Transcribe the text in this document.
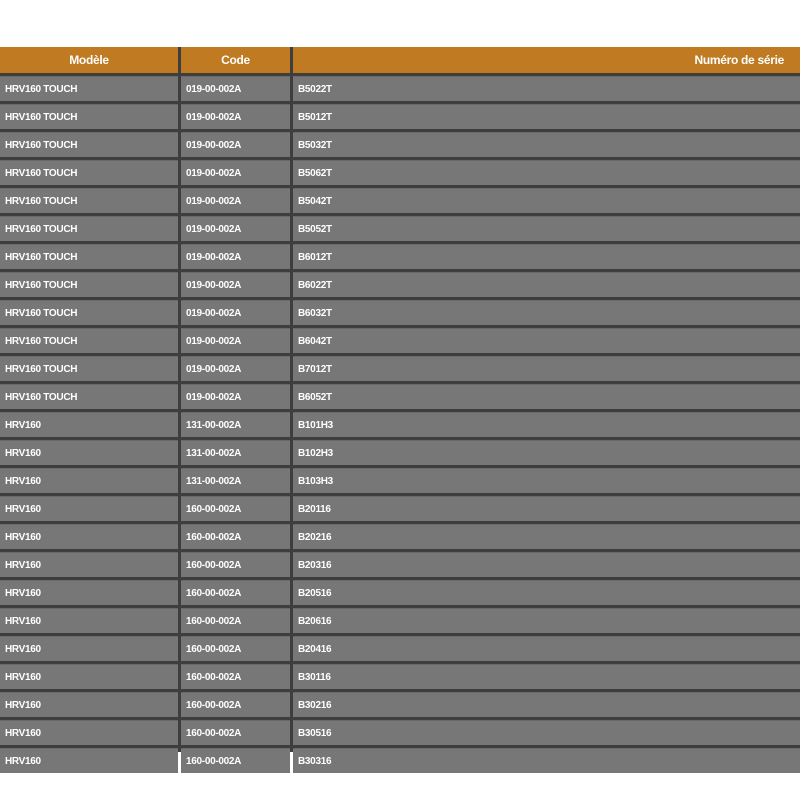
Modèle	Code	Numéro de série
HRV160 TOUCH	019-00-002A	B5022T
HRV160 TOUCH	019-00-002A	B5012T
HRV160 TOUCH	019-00-002A	B5032T
HRV160 TOUCH	019-00-002A	B5062T
HRV160 TOUCH	019-00-002A	B5042T
HRV160 TOUCH	019-00-002A	B5052T
HRV160 TOUCH	019-00-002A	B6012T
HRV160 TOUCH	019-00-002A	B6022T
HRV160 TOUCH	019-00-002A	B6032T
HRV160 TOUCH	019-00-002A	B6042T
HRV160 TOUCH	019-00-002A	B7012T
HRV160 TOUCH	019-00-002A	B6052T
HRV160	131-00-002A	B101H3
HRV160	131-00-002A	B102H3
HRV160	131-00-002A	B103H3
HRV160	160-00-002A	B20116
HRV160	160-00-002A	B20216
HRV160	160-00-002A	B20316
HRV160	160-00-002A	B20516
HRV160	160-00-002A	B20616
HRV160	160-00-002A	B20416
HRV160	160-00-002A	B30116
HRV160	160-00-002A	B30216
HRV160	160-00-002A	B30516
HRV160	160-00-002A	B30316
